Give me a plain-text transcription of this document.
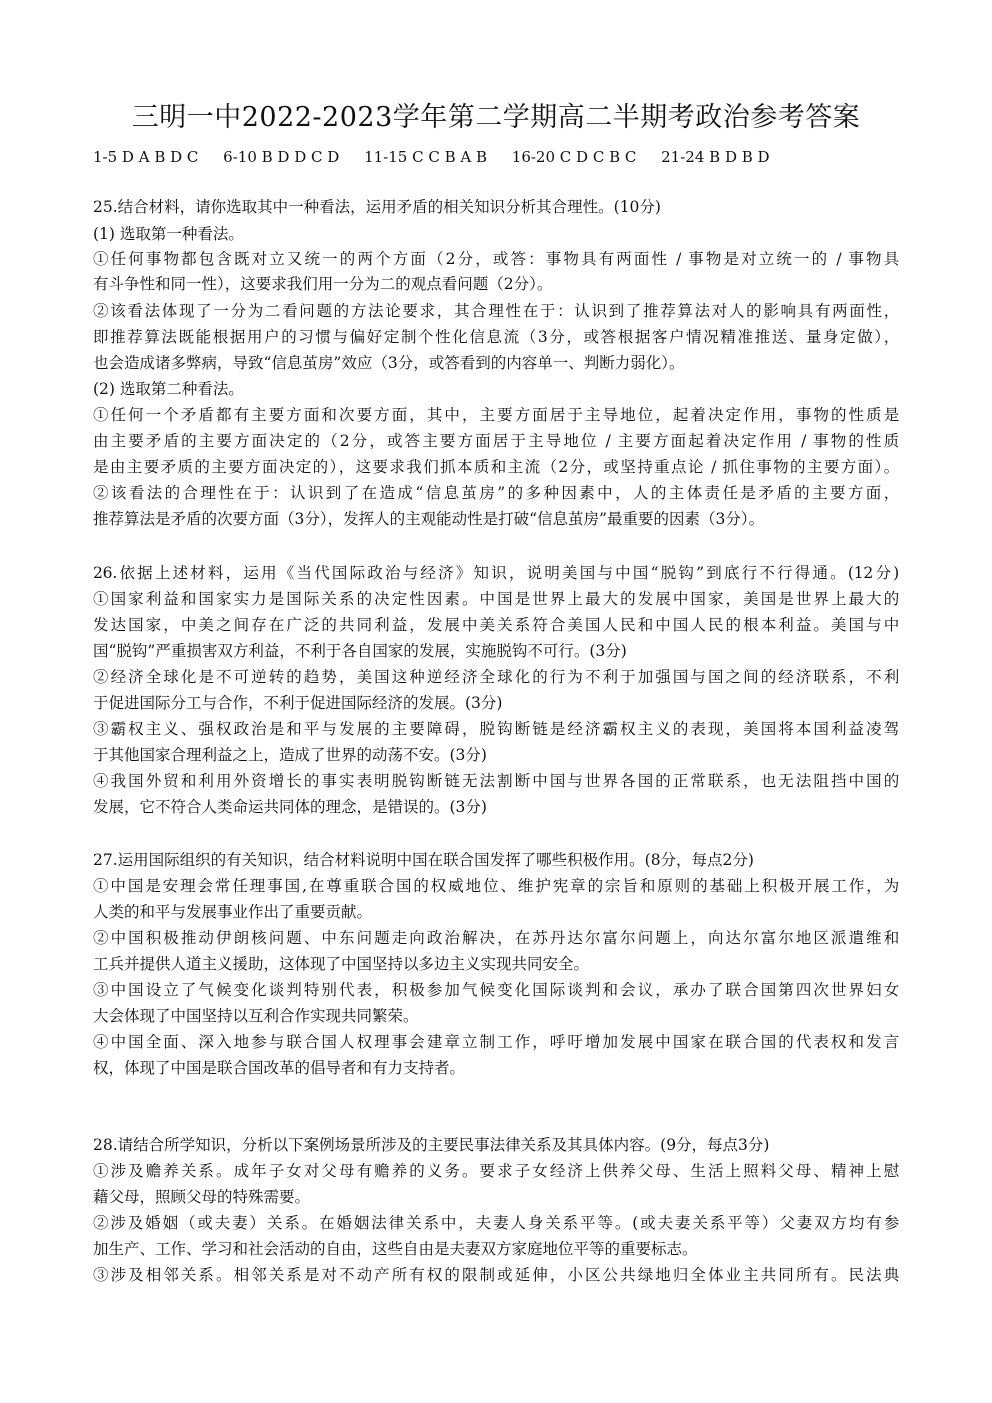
三明一中2022-2023学年第二学期高二半期考政治参考答案
1-5 D A B D C 6-10 B D D C D 11-15 C C B A B 16-20 C D C B C 21-24 B D B D
25.结合材料，请你选取其中一种看法，运用矛盾的相关知识分析其合理性。(10分)
(1) 选取第一种看法。
①任何事物都包含既对立又统一的两个方面（2分，或答：事物具有两面性 / 事物是对立统一的 / 事物具
有斗争性和同一性），这要求我们用一分为二的观点看问题（2分）。
②该看法体现了一分为二看问题的方法论要求，其合理性在于：认识到了推荐算法对人的影响具有两面性，
即推荐算法既能根据用户的习惯与偏好定制个性化信息流（3分，或答根据客户情况精准推送、量身定做），
也会造成诸多弊病，导致“信息茧房”效应（3分，或答看到的内容单一、判断力弱化）。
(2) 选取第二种看法。
①任何一个矛盾都有主要方面和次要方面，其中，主要方面居于主导地位，起着决定作用，事物的性质是
由主要矛盾的主要方面决定的（2分，或答主要方面居于主导地位 / 主要方面起着决定作用 / 事物的性质
是由主要矛质的主要方面决定的），这要求我们抓本质和主流（2分，或坚持重点论 / 抓住事物的主要方面）。
②该看法的合理性在于：认识到了在造成“信息茧房”的多种因素中，人的主体责任是矛盾的主要方面，
推荐算法是矛盾的次要方面（3分），发挥人的主观能动性是打破“信息茧房”最重要的因素（3分）。
26.依据上述材料，运用《当代国际政治与经济》知识，说明美国与中国“脱钩”到底行不行得通。(12分)
①国家利益和国家实力是国际关系的决定性因素。中国是世界上最大的发展中国家，美国是世界上最大的
发达国家，中美之间存在广泛的共同利益，发展中美关系符合美国人民和中国人民的根本利益。美国与中
国“脱钩”严重损害双方利益，不利于各自国家的发展，实施脱钩不可行。(3分)
②经济全球化是不可逆转的趋势，美国这种逆经济全球化的行为不利于加强国与国之间的经济联系，不利
于促进国际分工与合作，不利于促进国际经济的发展。(3分)
③霸权主义、强权政治是和平与发展的主要障碍，脱钩断链是经济霸权主义的表现，美国将本国利益凌驾
于其他国家合理利益之上，造成了世界的动荡不安。(3分)
④我国外贸和利用外资增长的事实表明脱钩断链无法割断中国与世界各国的正常联系，也无法阻挡中国的
发展，它不符合人类命运共同体的理念，是错误的。(3分)
27.运用国际组织的有关知识，结合材料说明中国在联合国发挥了哪些积极作用。(8分，每点2分)
①中国是安理会常任理事国,在尊重联合国的权威地位、维护宪章的宗旨和原则的基础上积极开展工作，为
人类的和平与发展事业作出了重要贡献。
②中国积极推动伊朗核问题、中东问题走向政治解决，在苏丹达尔富尔问题上，向达尔富尔地区派遣维和
工兵并提供人道主义援助，这体现了中国坚持以多边主义实现共同安全。
③中国设立了气候变化谈判特别代表，积极参加气候变化国际谈判和会议，承办了联合国第四次世界妇女
大会体现了中国坚持以互利合作实现共同繁荣。
④中国全面、深入地参与联合国人权理事会建章立制工作，呼吁增加发展中国家在联合国的代表权和发言
权，体现了中国是联合国改革的倡导者和有力支持者。
28.请结合所学知识，分析以下案例场景所涉及的主要民事法律关系及其具体内容。(9分，每点3分)
①涉及赡养关系。成年子女对父母有赡养的义务。要求子女经济上供养父母、生活上照料父母、精神上慰
藉父母，照顾父母的特殊需要。
②涉及婚姻（或夫妻）关系。在婚姻法律关系中，夫妻人身关系平等。(或夫妻关系平等）父妻双方均有参
加生产、工作、学习和社会活动的自由，这些自由是夫妻双方家庭地位平等的重要标志。
③涉及相邻关系。相邻关系是对不动产所有权的限制或延伸，小区公共绿地归全体业主共同所有。民法典
